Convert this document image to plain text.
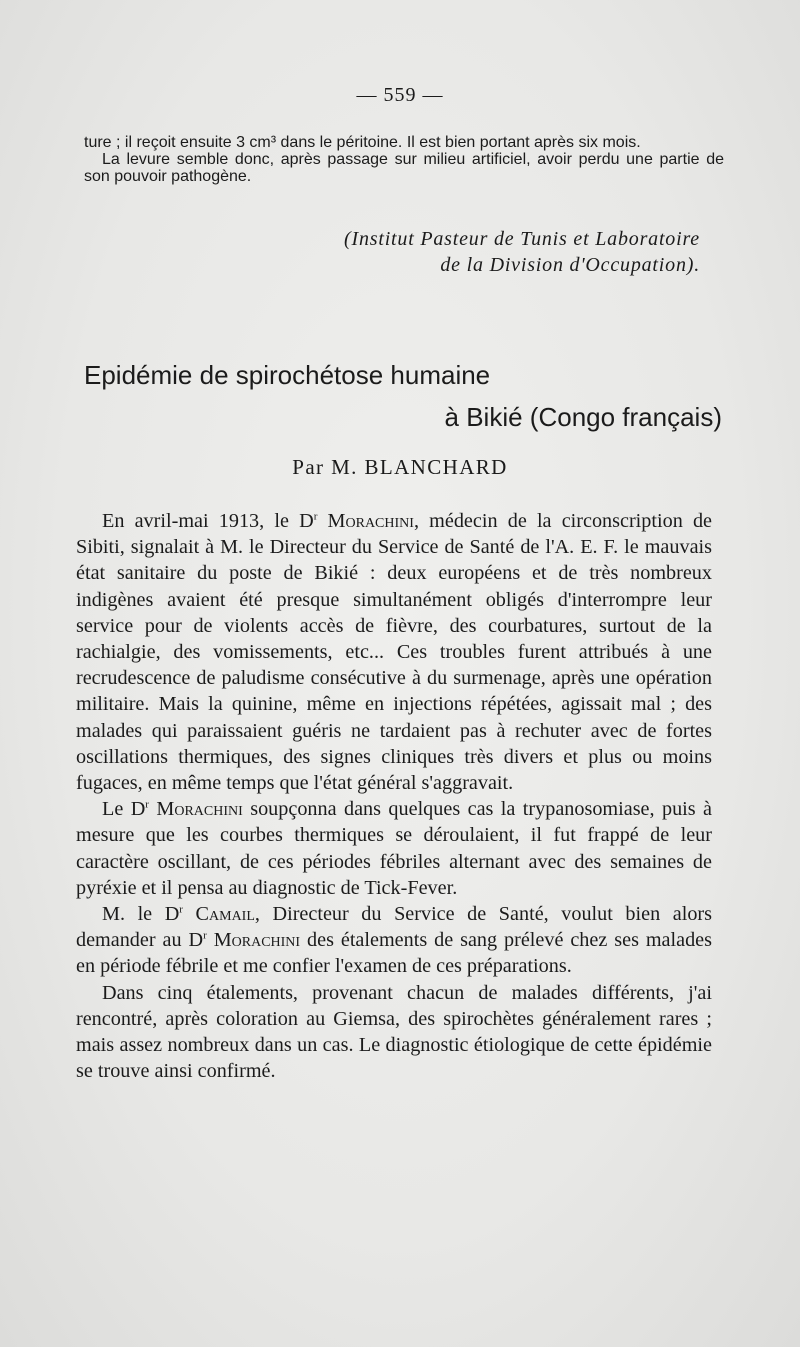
— 559 —

ture ; il reçoit ensuite 3 cm³ dans le péritoine. Il est bien portant après six mois.

La levure semble donc, après passage sur milieu artificiel, avoir perdu une partie de son pouvoir pathogène.

(Institut Pasteur de Tunis et Laboratoire
de la Division d'Occupation).
Epidémie de spirochétose humaine
à Bikié (Congo français)
Par M. BLANCHARD

En avril-mai 1913, le $D^r$ Morachini, médecin de la circonscription de Sibiti, signalait à M. le Directeur du Service de Santé de l'A. E. F. le mauvais état sanitaire du poste de Bikié : deux européens et de très nombreux indigènes avaient été presque simultanément obligés d'interrompre leur service pour de violents accès de fièvre, des courbatures, surtout de la rachialgie, des vomissements, etc... Ces troubles furent attribués à une recrudescence de paludisme consécutive à du surmenage, après une opération militaire. Mais la quinine, même en injections répétées, agissait mal ; des malades qui paraissaient guéris ne tardaient pas à rechuter avec de fortes oscillations thermiques, des signes cliniques très divers et plus ou moins fugaces, en même temps que l'état général s'aggravait.

Le $D^r$ Morachini soupçonna dans quelques cas la trypanosomiase, puis à mesure que les courbes thermiques se déroulaient, il fut frappé de leur caractère oscillant, de ces périodes fébriles alternant avec des semaines de pyréxie et il pensa au diagnostic de Tick-Fever.

M. le $D^r$ Camail, Directeur du Service de Santé, voulut bien alors demander au $D^r$ Morachini des étalements de sang prélevé chez ses malades en période fébrile et me confier l'examen de ces préparations.

Dans cinq étalements, provenant chacun de malades différents, j'ai rencontré, après coloration au Giemsa, des spirochètes généralement rares ; mais assez nombreux dans un cas. Le diagnostic étiologique de cette épidémie se trouve ainsi confirmé.
